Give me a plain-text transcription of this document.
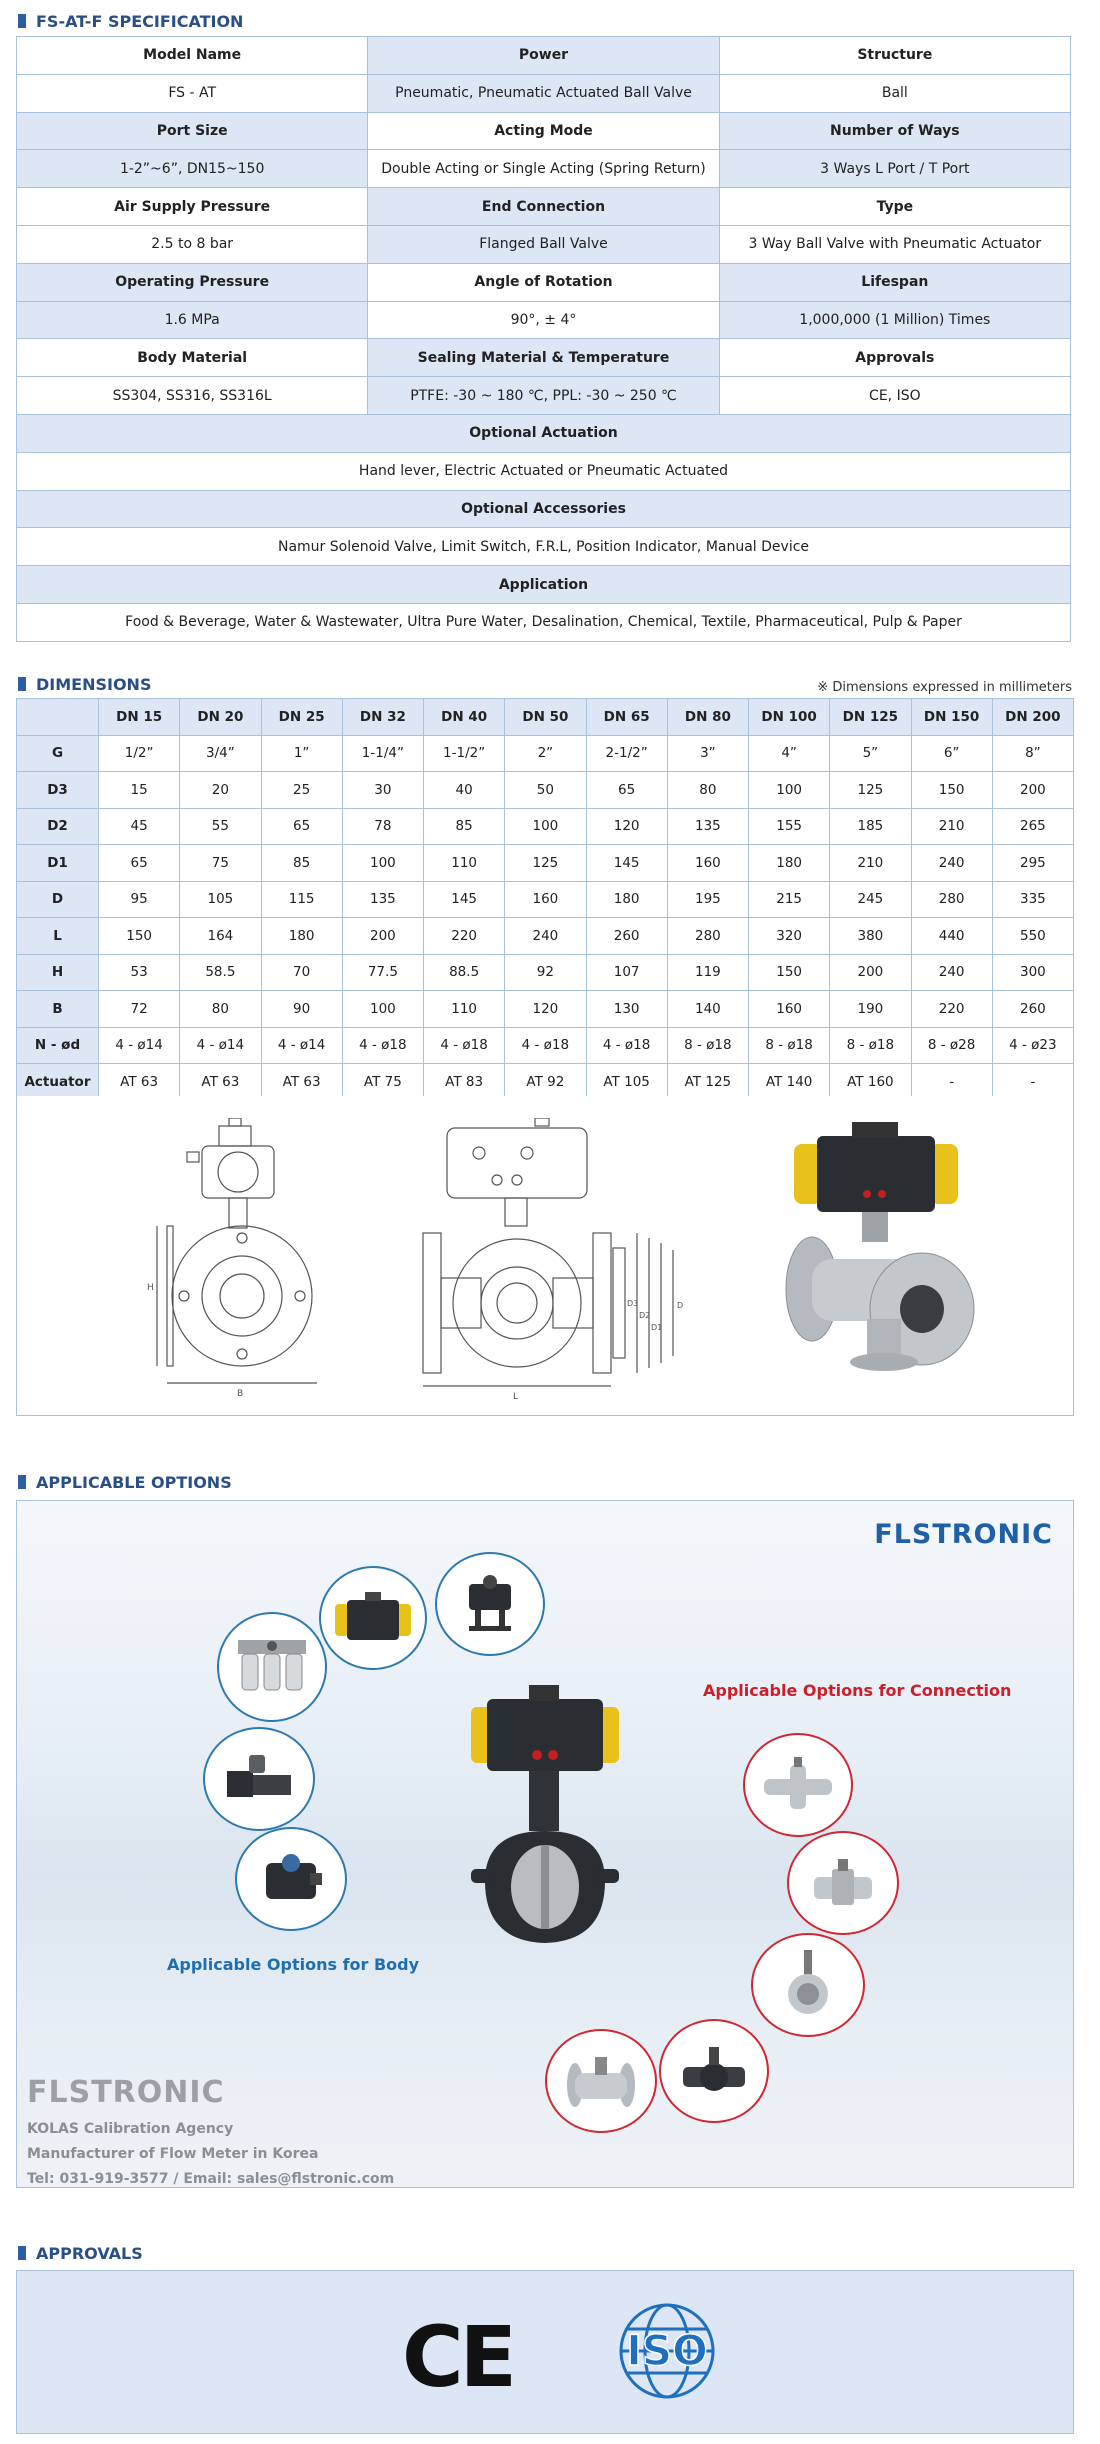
FS-AT-F SPECIFICATION
Model Name	Power	Structure
FS - AT	Pneumatic, Pneumatic Actuated Ball Valve	Ball
Port Size	Acting Mode	Number of Ways
1-2”~6”, DN15~150	Double Acting or Single Acting (Spring Return)	3 Ways L Port / T Port
Air Supply Pressure	End Connection	Type
2.5 to 8 bar	Flanged Ball Valve	3 Way Ball Valve with Pneumatic Actuator
Operating Pressure	Angle of Rotation	Lifespan
1.6 MPa	90°, ± 4°	1,000,000 (1 Million) Times
Body Material	Sealing Material & Temperature	Approvals
SS304, SS316, SS316L	PTFE: -30 ~ 180 ℃, PPL: -30 ~ 250 ℃	CE, ISO
Optional Actuation		
Hand lever, Electric Actuated or Pneumatic Actuated		
Optional Accessories		
Namur Solenoid Valve, Limit Switch, F.R.L, Position Indicator, Manual Device		
Application		
Food & Beverage, Water & Wastewater, Ultra Pure Water, Desalination, Chemical, Textile, Pharmaceutical, Pulp & Paper		
DIMENSIONS	※ Dimensions expressed in millimeters
	DN 15	DN 20	DN 25	DN 32	DN 40	DN 50	DN 65	DN 80	DN 100	DN 125	DN 150	DN 200
G	1/2”	3/4”	1”	1-1/4”	1-1/2”	2”	2-1/2”	3”	4”	5”	6”	8”
D3	15	20	25	30	40	50	65	80	100	125	150	200
D2	45	55	65	78	85	100	120	135	155	185	210	265
D1	65	75	85	100	110	125	145	160	180	210	240	295
D	95	105	115	135	145	160	180	195	215	245	280	335
L	150	164	180	200	220	240	260	280	320	380	440	550
H	53	58.5	70	77.5	88.5	92	107	119	150	200	240	300
B	72	80	90	100	110	120	130	140	160	190	220	260
N - ød	4 - ø14	4 - ø14	4 - ø14	4 - ø18	4 - ø18	4 - ø18	4 - ø18	8 - ø18	8 - ø18	8 - ø18	8 - ø28	4 - ø23
Actuator	AT 63	AT 63	AT 63	AT 75	AT 83	AT 92	AT 105	AT 125	AT 140	AT 160	-	-
H
B	L
D3
D2
D1
D
APPLICABLE OPTIONS
FLSTRONIC
Applicable Options for Connection
Applicable Options for Body
FLSTRONIC
KOLAS Calibration Agency
Manufacturer of Flow Meter in Korea
Tel: 031-919-3577 / Email: sales@flstronic.com
APPROVALS
CE	ISO
